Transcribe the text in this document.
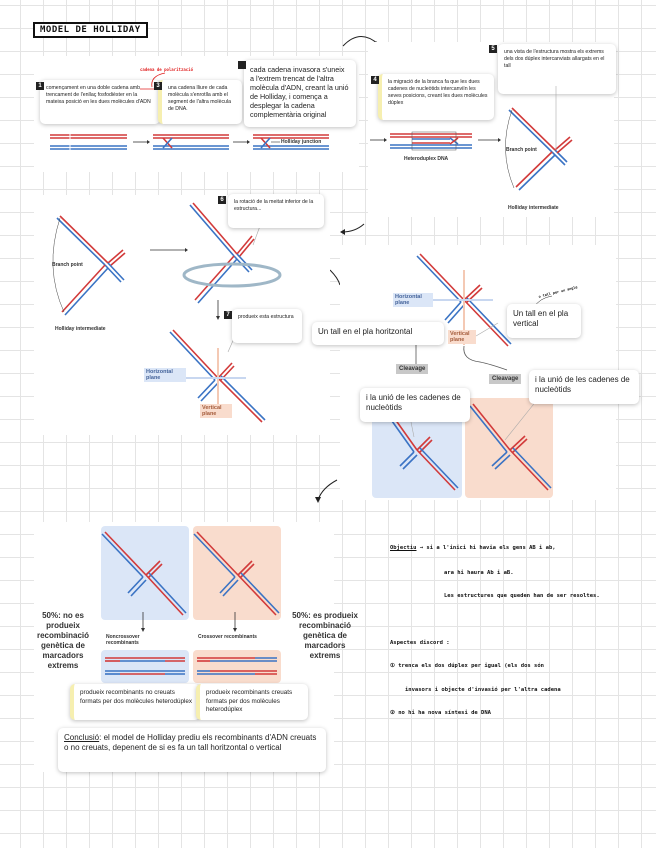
MODEL DE HOLLIDAY
començament en una doble cadena amb trencament de l'enllaç fosfodièster en la mateixa posició en les dues molècules d'ADN
1
cadena de polarització
una cadena lliure de cada molècula s'enrotlla amb el segment de l'altra molècula de DNA.
3
cada cadena invasora s'uneix a l'extrem trencat de l'altra molècula d'ADN, creant la unió de Holliday, i comença a desplegar la cadena complementària original
Holliday junction
la migració de la branca fa que les dues cadenes de nucleòtids intercanviïn les seves posicions, creant les dues molècules dúplex
4
una vista de l'estructura mostra els extrems dels dos dúplex intercanviats allargats en el tall
5
Heteroduplex DNA
Branch point
Holliday intermediate
Branch point
Holliday intermediate
la rotació de la meitat inferior de la estructura...
6
produeix esta estructura
7
Horizontal plane
Vertical plane
Horizontal plane
Vertical plane
Cleavage
Cleavage
Un tall en el pla horitzontal
Un tall en el pla vertical
o tall per un angle
i la unió de les cadenes de nucleòtids
i la unió de les cadenes de nucleòtids
Noncrossover recombinants
Crossover recombinants
50%: no es produeix recombinació genètica de marcadors extrems
50%: es produeix recombinació genètica de marcadors extrems
produeix recombinants no creuats formats per dos molècules heterodúplex
produeix recombinants creuats formats per dos molècules heterodúplex
Conclusió: el model de Holliday prediu els recombinants d'ADN creuats o no creuats, depenent de si es fa un tall horitzontal o vertical
Objectiu → si a l'inici hi havia els gens AB i ab,
ara hi haura Ab i aB.
Les estructures que queden han de ser resoltes.
Aspectes discord :
① trenca els dos dúplex per igual (els dos són
invasors i objecte d'invasió per l'altra cadena
② no hi ha nova síntesi de DNA
